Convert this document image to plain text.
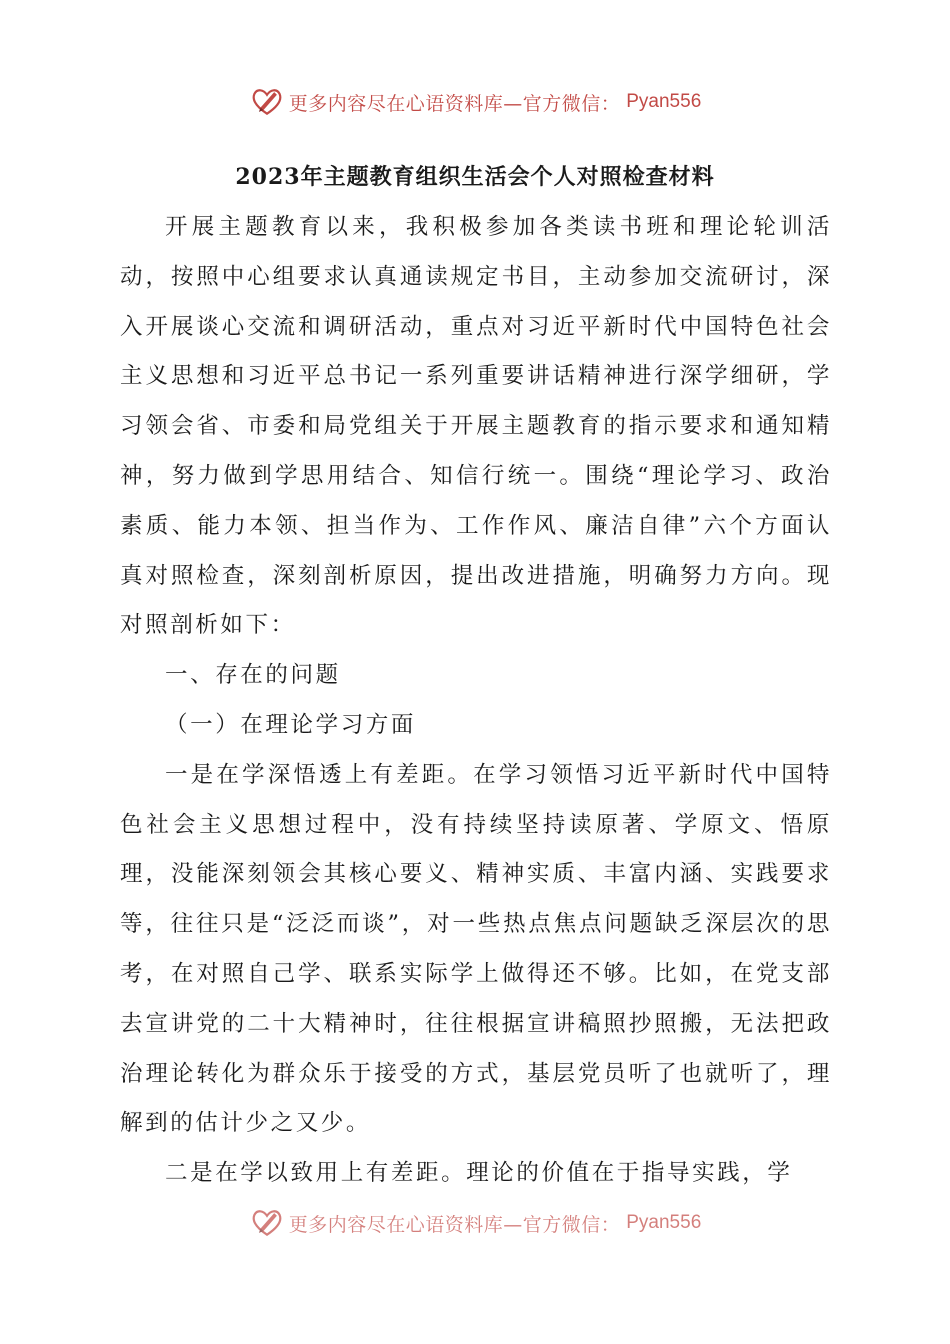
更多内容尽在心语资料库—官方微信： Pyan556
2023年主题教育组织生活会个人对照检查材料

开展主题教育以来，我积极参加各类读书班和理论轮训活动，按照中心组要求认真通读规定书目，主动参加交流研讨，深入开展谈心交流和调研活动，重点对习近平新时代中国特色社会主义思想和习近平总书记一系列重要讲话精神进行深学细研，学习领会省、市委和局党组关于开展主题教育的指示要求和通知精神，努力做到学思用结合、知信行统一。围绕“理论学习、政治素质、能力本领、担当作为、工作作风、廉洁自律”六个方面认真对照检查，深刻剖析原因，提出改进措施，明确努力方向。现对照剖析如下：

一、存在的问题

（一）在理论学习方面

一是在学深悟透上有差距。在学习领悟习近平新时代中国特色社会主义思想过程中，没有持续坚持读原著、学原文、悟原理，没能深刻领会其核心要义、精神实质、丰富内涵、实践要求等，往往只是“泛泛而谈”，对一些热点焦点问题缺乏深层次的思考，在对照自己学、联系实际学上做得还不够。比如，在党支部去宣讲党的二十大精神时，往往根据宣讲稿照抄照搬，无法把政治理论转化为群众乐于接受的方式，基层党员听了也就听了，理解到的估计少之又少。

二是在学以致用上有差距。理论的价值在于指导实践，学

更多内容尽在心语资料库—官方微信： Pyan556
